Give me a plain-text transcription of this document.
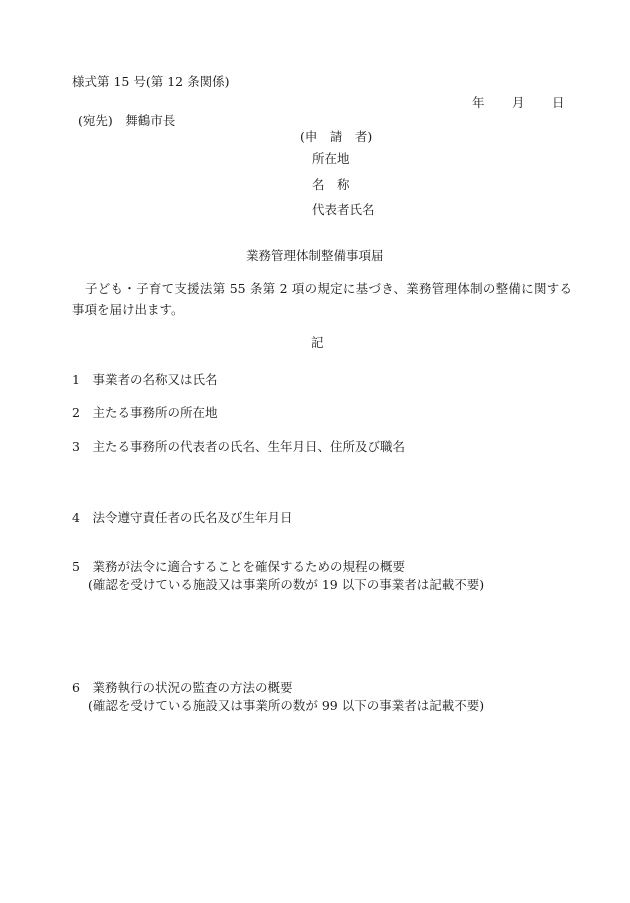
様式第 15 号(第 12 条関係)
年 月 日
(宛先)　舞鶴市長
(申　請　者)
所在地
名　称
代表者氏名
業務管理体制整備事項届
子ども・子育て支援法第 55 条第 2 項の規定に基づき、業務管理体制の整備に関する事項を届け出ます。
記
1　事業者の名称又は氏名
2　主たる事務所の所在地
3　主たる事務所の代表者の氏名、生年月日、住所及び職名
4　法令遵守責任者の氏名及び生年月日
5　業務が法令に適合することを確保するための規程の概要
(確認を受けている施設又は事業所の数が 19 以下の事業者は記載不要)
6　業務執行の状況の監査の方法の概要
(確認を受けている施設又は事業所の数が 99 以下の事業者は記載不要)
